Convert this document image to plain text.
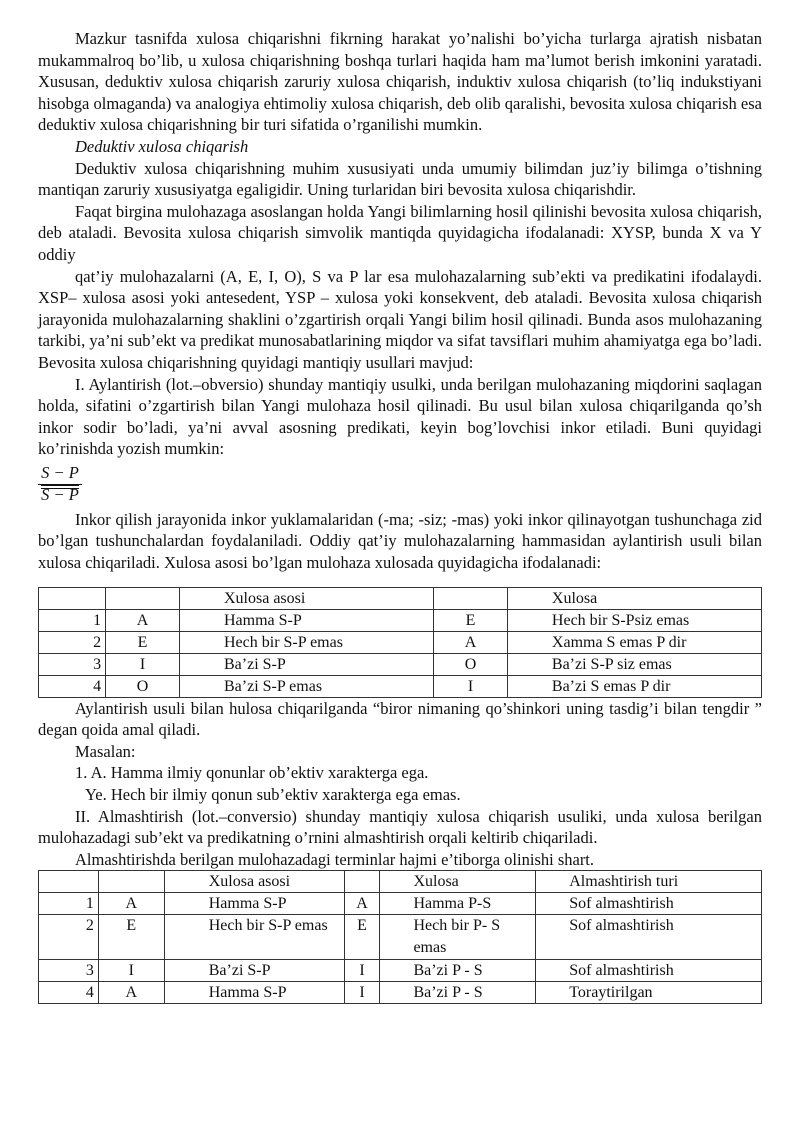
Mazkur tasnifda xulosa chiqarishni fikrning harakat yo’nalishi bo’yicha turlarga ajratish nisbatan mukammalroq bo’lib, u xulosa chiqarishning boshqa turlari haqida ham ma’lumot berish imkonini yaratadi. Xususan, deduktiv xulosa chiqarish zaruriy xulosa chiqarish, induktiv xulosa chiqarish (to’liq indukstiyani hisobga olmaganda) va analogiya ehtimoliy xulosa chiqarish, deb olib qaralishi, bevosita xulosa chiqarish esa deduktiv xulosa chiqarishning bir turi sifatida o’rganilishi mumkin.

Deduktiv xulosa chiqarish

Deduktiv xulosa chiqarishning muhim xususiyati unda umumiy bilimdan juz’iy bilimga o’tishning mantiqan zaruriy xususiyatga egaligidir. Uning turlaridan biri bevosita xulosa chiqarishdir.

Faqat birgina mulohazaga asoslangan holda Yangi bilimlarning hosil qilinishi bevosita xulosa chiqarish, deb ataladi. Bevosita xulosa chiqarish simvolik mantiqda quyidagicha ifodalanadi: XYSP, bunda X va Y oddiy

qat’iy mulohazalarni (A, E, I, O), S va P lar esa mulohazalarning sub’ekti va predikatini ifodalaydi. XSP– xulosa asosi yoki antesedent, YSP – xulosa yoki konsekvent, deb ataladi. Bevosita xulosa chiqarish jarayonida mulohazalarning shaklini o’zgartirish orqali Yangi bilim hosil qilinadi. Bunda asos mulohazaning tarkibi, ya’ni sub’ekt va predikat munosabatlarining miqdor va sifat tavsiflari muhim ahamiyatga ega bo’ladi. Bevosita xulosa chiqarishning quyidagi mantiqiy usullari mavjud:

I. Aylantirish (lot.–obversio) shunday mantiqiy usulki, unda berilgan mulohazaning miqdorini saqlagan holda, sifatini o’zgartirish bilan Yangi mulohaza hosil qilinadi. Bu usul bilan xulosa chiqarilganda qo’sh inkor sodir bo’ladi, ya’ni avval asosning predikati, keyin bog’lovchisi inkor etiladi. Buni quyidagi ko’rinishda yozish mumkin:

S − P
$S - \overline{P}$

Inkor qilish jarayonida inkor yuklamalaridan (-ma; -siz; -mas) yoki inkor qilinayotgan tushunchaga zid bo’lgan tushunchalardan foydalaniladi. Oddiy qat’iy mulohazalarning hammasidan aylantirish usuli bilan xulosa chiqariladi. Xulosa asosi bo’lgan mulohaza xulosada quyidagicha ifodalanadi:

		Xulosa asosi		Xulosa
1	A	Hamma S-P	E	Hech bir S-Psiz emas
2	E	Hech bir S-P emas	A	Xamma S emas P dir
3	I	Ba’zi S-P	O	Ba’zi S-P siz emas
4	O	Ba’zi S-P emas	I	Ba’zi S emas P dir

Aylantirish usuli bilan hulosa chiqarilganda “biror nimaning qo’shinkori uning tasdig’i bilan tengdir ” degan qoida amal qiladi.

Masalan:

1. A. Hamma ilmiy qonunlar ob’ektiv xarakterga ega.

Ye. Hech bir ilmiy qonun sub’ektiv xarakterga ega emas.

II. Almashtirish (lot.–conversio) shunday mantiqiy xulosa chiqarish usuliki, unda xulosa berilgan mulohazadagi sub’ekt va predikatning o’rnini almashtirish orqali keltirib chiqariladi.

Almashtirishda berilgan mulohazadagi terminlar hajmi e’tiborga olinishi shart.

		Xulosa asosi		Xulosa	Almashtirish turi
1	A	Hamma S-P	A	Hamma P-S	Sof almashtirish
2	E	Hech bir S-P emas	E	Hech bir P- S emas	Sof almashtirish
3	I	Ba’zi S-P	I	Ba’zi P - S	Sof almashtirish
4	A	Hamma S-P	I	Ba’zi P - S	Toraytirilgan
